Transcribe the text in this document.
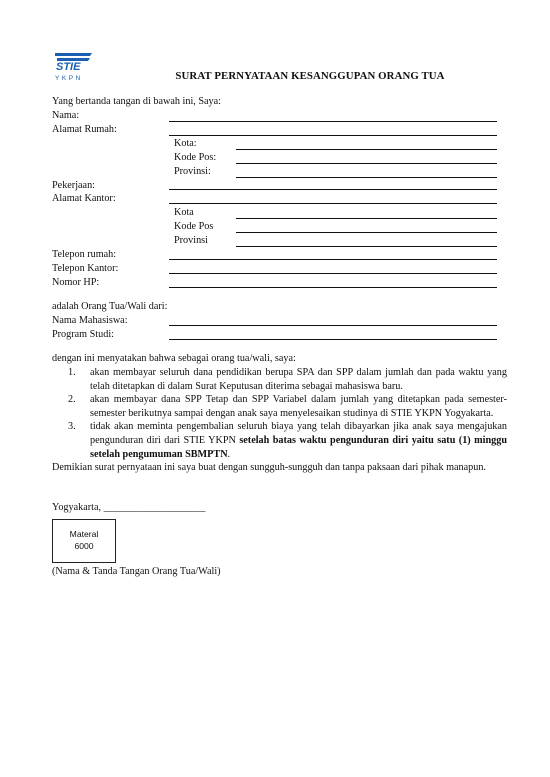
STIE
YKPN	SURAT PERNYATAAN KESANGGUPAN ORANG TUA
Yang bertanda tangan di bawah ini, Saya:
Nama:
Alamat Rumah:
Kota:
Kode Pos:
Provinsi:
Pekerjaan:
Alamat Kantor:
Kota
Kode Pos
Provinsi
Telepon rumah:
Telepon Kantor:
Nomor HP:
adalah Orang Tua/Wali dari:
Nama Mahasiswa:
Program Studi:
dengan ini menyatakan bahwa sebagai orang tua/wali, saya:
1. akan membayar seluruh dana pendidikan berupa SPA dan SPP dalam jumlah dan pada waktu yang telah ditetapkan di dalam Surat Keputusan diterima sebagai mahasiswa baru.
2. akan membayar dana SPP Tetap dan SPP Variabel dalam jumlah yang ditetapkan pada semester-semester berikutnya sampai dengan anak saya menyelesaikan studinya di STIE YKPN Yogyakarta.
3. tidak akan meminta pengembalian seluruh biaya yang telah dibayarkan jika anak saya mengajukan pengunduran diri dari STIE YKPN setelah batas waktu pengunduran diri yaitu satu (1) minggu setelah pengumuman SBMPTN.
Demikian surat pernyataan ini saya buat dengan sungguh-sungguh dan tanpa paksaan dari pihak manapun.
Yogyakarta, ____________________
Materal
6000
(Nama & Tanda Tangan Orang Tua/Wali)
